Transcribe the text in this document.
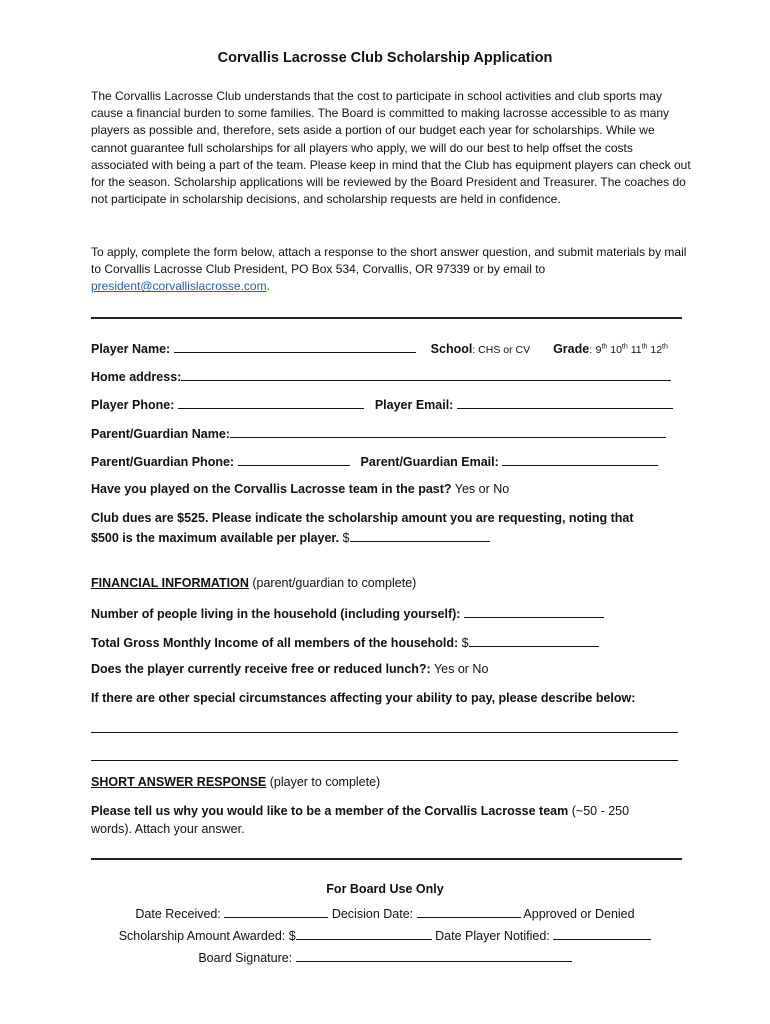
Corvallis Lacrosse Club Scholarship Application
The Corvallis Lacrosse Club understands that the cost to participate in school activities and club sports may cause a financial burden to some families. The Board is committed to making lacrosse accessible to as many players as possible and, therefore, sets aside a portion of our budget each year for scholarships. While we cannot guarantee full scholarships for all players who apply, we will do our best to help offset the costs associated with being a part of the team. Please keep in mind that the Club has equipment players can check out for the season. Scholarship applications will be reviewed by the Board President and Treasurer. The coaches do not participate in scholarship decisions, and scholarship requests are held in confidence.
To apply, complete the form below, attach a response to the short answer question, and submit materials by mail to Corvallis Lacrosse Club President, PO Box 534, Corvallis, OR 97339 or by email to president@corvallislacrosse.com.
Player Name:	School: CHS or CV Grade: 9th 10th 11th 12th
Home address:
Player Phone:	Player Email:
Parent/Guardian Name:
Parent/Guardian Phone:	Parent/Guardian Email:
Have you played on the Corvallis Lacrosse team in the past? Yes or No
Club dues are $525. Please indicate the scholarship amount you are requesting, noting that
$500 is the maximum available per player. $
FINANCIAL INFORMATION (parent/guardian to complete)
Number of people living in the household (including yourself):
Total Gross Monthly Income of all members of the household: $
Does the player currently receive free or reduced lunch?: Yes or No
If there are other special circumstances affecting your ability to pay, please describe below:
SHORT ANSWER RESPONSE (player to complete)
Please tell us why you would like to be a member of the Corvallis Lacrosse team (~50 - 250
words). Attach your answer.
For Board Use Only
Date Received:	Decision Date:	Approved or Denied
Scholarship Amount Awarded: $	Date Player Notified:
Board Signature:
